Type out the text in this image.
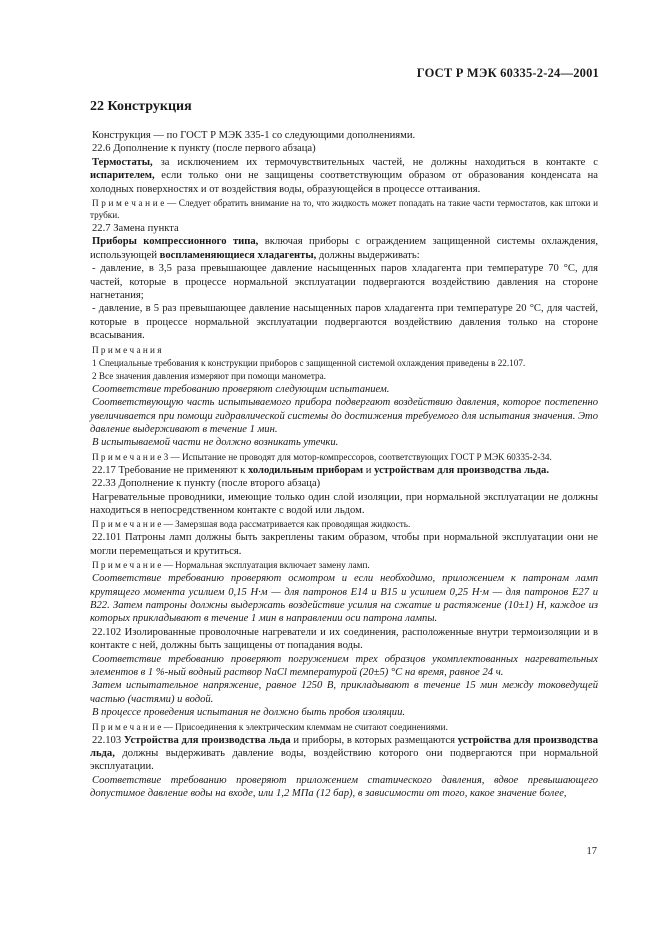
ГОСТ Р МЭК 60335-2-24—2001
22 Конструкция

Конструкция — по ГОСТ Р МЭК 335-1 со следующими дополнениями.

22.6 Дополнение к пункту (после первого абзаца)

Термостаты, за исключением их термочувствительных частей, не должны находиться в контакте с испарителем, если только они не защищены соответствующим образом от образования конденсата на холодных поверхностях и от воздействия воды, образующейся в процессе оттаивания.

П р и м е ч а н и е — Следует обратить внимание на то, что жидкость может попадать на такие части термостатов, как штоки и трубки.

22.7 Замена пункта

Приборы компрессионного типа, включая приборы с ограждением защищенной системы охлаждения, использующей воспламеняющиеся хладагенты, должны выдерживать:

- давление, в 3,5 раза превышающее давление насыщенных паров хладагента при температуре 70 °С, для частей, которые в процессе нормальной эксплуатации подвергаются воздействию давления на стороне нагнетания;

- давление, в 5 раз превышающее давление насыщенных паров хладагента при температуре 20 °С, для частей, которые в процессе нормальной эксплуатации подвергаются воздействию давления только на стороне всасывания.

П р и м е ч а н и я

1 Специальные требования к конструкции приборов с защищенной системой охлаждения приведены в 22.107.

2 Все значения давления измеряют при помощи манометра.

Соответствие требованию проверяют следующим испытанием.

Соответствующую часть испытываемого прибора подвергают воздействию давления, которое постепенно увеличивается при помощи гидравлической системы до достижения требуемого для испытания значения. Это давление выдерживают в течение 1 мин.

В испытываемой части не должно возникать утечки.

П р и м е ч а н и е 3 — Испытание не проводят для мотор-компрессоров, соответствующих ГОСТ Р МЭК 60335-2-34.

22.17 Требование не применяют к холодильным приборам и устройствам для производства льда.

22.33 Дополнение к пункту (после второго абзаца)

Нагревательные проводники, имеющие только один слой изоляции, при нормальной эксплуатации не должны находиться в непосредственном контакте с водой или льдом.

П р и м е ч а н и е — Замерзшая вода рассматривается как проводящая жидкость.

22.101 Патроны ламп должны быть закреплены таким образом, чтобы при нормальной эксплуатации они не могли перемещаться и крутиться.

П р и м е ч а н и е — Нормальная эксплуатация включает замену ламп.

Соответствие требованию проверяют осмотром и если необходимо, приложением к патронам ламп крутящего момента усилием 0,15 Н·м — для патронов Е14 и В15 и усилием 0,25 Н·м — для патронов Е27 и В22. Затем патроны должны выдержать воздействие усилия на сжатие и растяжение (10±1) Н, каждое из которых прикладывают в течение 1 мин в направлении оси патрона лампы.

22.102 Изолированные проволочные нагреватели и их соединения, расположенные внутри термоизоляции и в контакте с ней, должны быть защищены от попадания воды.

Соответствие требованию проверяют погружением трех образцов укомплектованных нагревательных элементов в 1 %-ный водный раствор NaCl температурой (20±5) °С на время, равное 24 ч.

Затем испытательное напряжение, равное 1250 В, прикладывают в течение 15 мин между токоведущей частью (частями) и водой.

В процессе проведения испытания не должно быть пробоя изоляции.

П р и м е ч а н и е — Присоединения к электрическим клеммам не считают соединениями.

22.103 Устройства для производства льда и приборы, в которых размещаются устройства для производства льда, должны выдерживать давление воды, воздействию которого они подвергаются при нормальной эксплуатации.

Соответствие требованию проверяют приложением статического давления, вдвое превышающего допустимое давление воды на входе, или 1,2 МПа (12 бар), в зависимости от того, какое значение более,

17
